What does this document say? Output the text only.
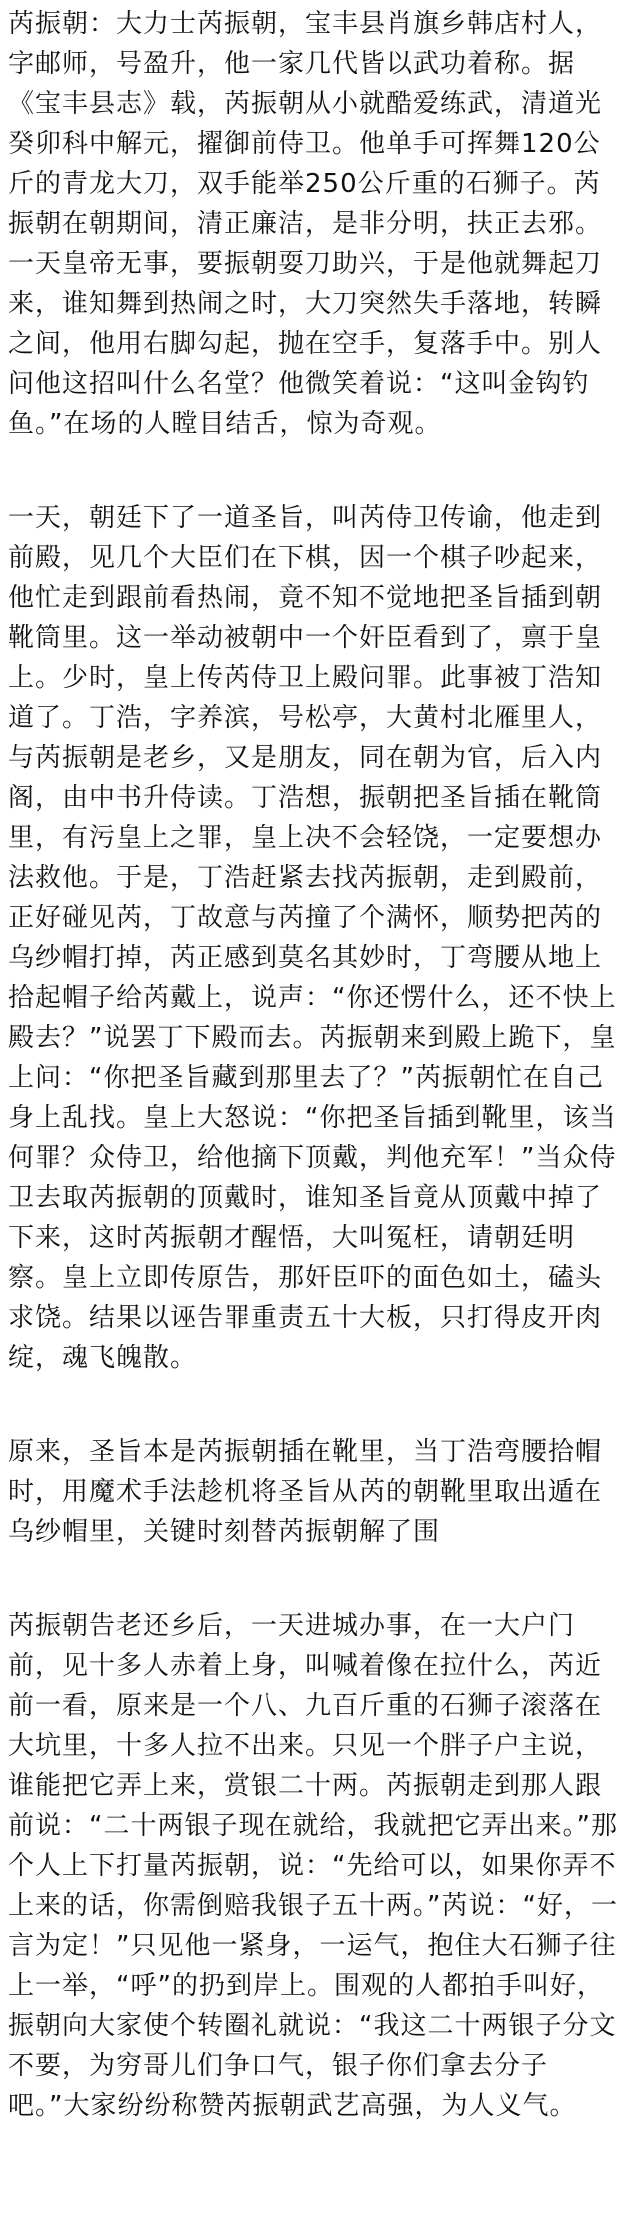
芮振朝：大力士芮振朝，宝丰县肖旗乡韩店村人，字邮师，号盈升，他一家几代皆以武功着称。据《宝丰县志》载，芮振朝从小就酷爱练武，清道光癸卯科中解元，擢御前侍卫。他单手可挥舞120公斤的青龙大刀，双手能举250公斤重的石狮子。芮振朝在朝期间，清正廉洁，是非分明，扶正去邪。一天皇帝无事，要振朝耍刀助兴，于是他就舞起刀来，谁知舞到热闹之时，大刀突然失手落地，转瞬之间，他用右脚勾起，抛在空手，复落手中。别人问他这招叫什么名堂？他微笑着说：“这叫金钩钓鱼。”在场的人瞠目结舌，惊为奇观。

一天，朝廷下了一道圣旨，叫芮侍卫传谕，他走到前殿，见几个大臣们在下棋，因一个棋子吵起来，他忙走到跟前看热闹，竟不知不觉地把圣旨插到朝靴筒里。这一举动被朝中一个奸臣看到了，禀于皇上。少时，皇上传芮侍卫上殿问罪。此事被丁浩知道了。丁浩，字养滨，号松亭，大黄村北雁里人，与芮振朝是老乡，又是朋友，同在朝为官，后入内阁，由中书升侍读。丁浩想，振朝把圣旨插在靴筒里，有污皇上之罪，皇上决不会轻饶，一定要想办法救他。于是，丁浩赶紧去找芮振朝，走到殿前，正好碰见芮，丁故意与芮撞了个满怀，顺势把芮的乌纱帽打掉，芮正感到莫名其妙时，丁弯腰从地上拾起帽子给芮戴上，说声：“你还愣什么，还不快上殿去？”说罢丁下殿而去。芮振朝来到殿上跪下，皇上问：“你把圣旨藏到那里去了？”芮振朝忙在自己身上乱找。皇上大怒说：“你把圣旨插到靴里，该当何罪？众侍卫，给他摘下顶戴，判他充军！”当众侍卫去取芮振朝的顶戴时，谁知圣旨竟从顶戴中掉了下来，这时芮振朝才醒悟，大叫冤枉，请朝廷明察。皇上立即传原告，那奸臣吓的面色如土，磕头求饶。结果以诬告罪重责五十大板，只打得皮开肉绽，魂飞魄散。

原来，圣旨本是芮振朝插在靴里，当丁浩弯腰拾帽时，用魔术手法趁机将圣旨从芮的朝靴里取出遁在乌纱帽里，关键时刻替芮振朝解了围

芮振朝告老还乡后，一天进城办事，在一大户门前，见十多人赤着上身，叫喊着像在拉什么，芮近前一看，原来是一个八、九百斤重的石狮子滚落在大坑里，十多人拉不出来。只见一个胖子户主说，谁能把它弄上来，赏银二十两。芮振朝走到那人跟前说：“二十两银子现在就给，我就把它弄出来。”那个人上下打量芮振朝，说：“先给可以，如果你弄不上来的话，你需倒赔我银子五十两。”芮说：“好，一言为定！”只见他一紧身，一运气，抱住大石狮子往上一举，“呼”的扔到岸上。围观的人都拍手叫好，振朝向大家使个转圈礼就说：“我这二十两银子分文不要，为穷哥儿们争口气，银子你们拿去分子吧。”大家纷纷称赞芮振朝武艺高强，为人义气。
